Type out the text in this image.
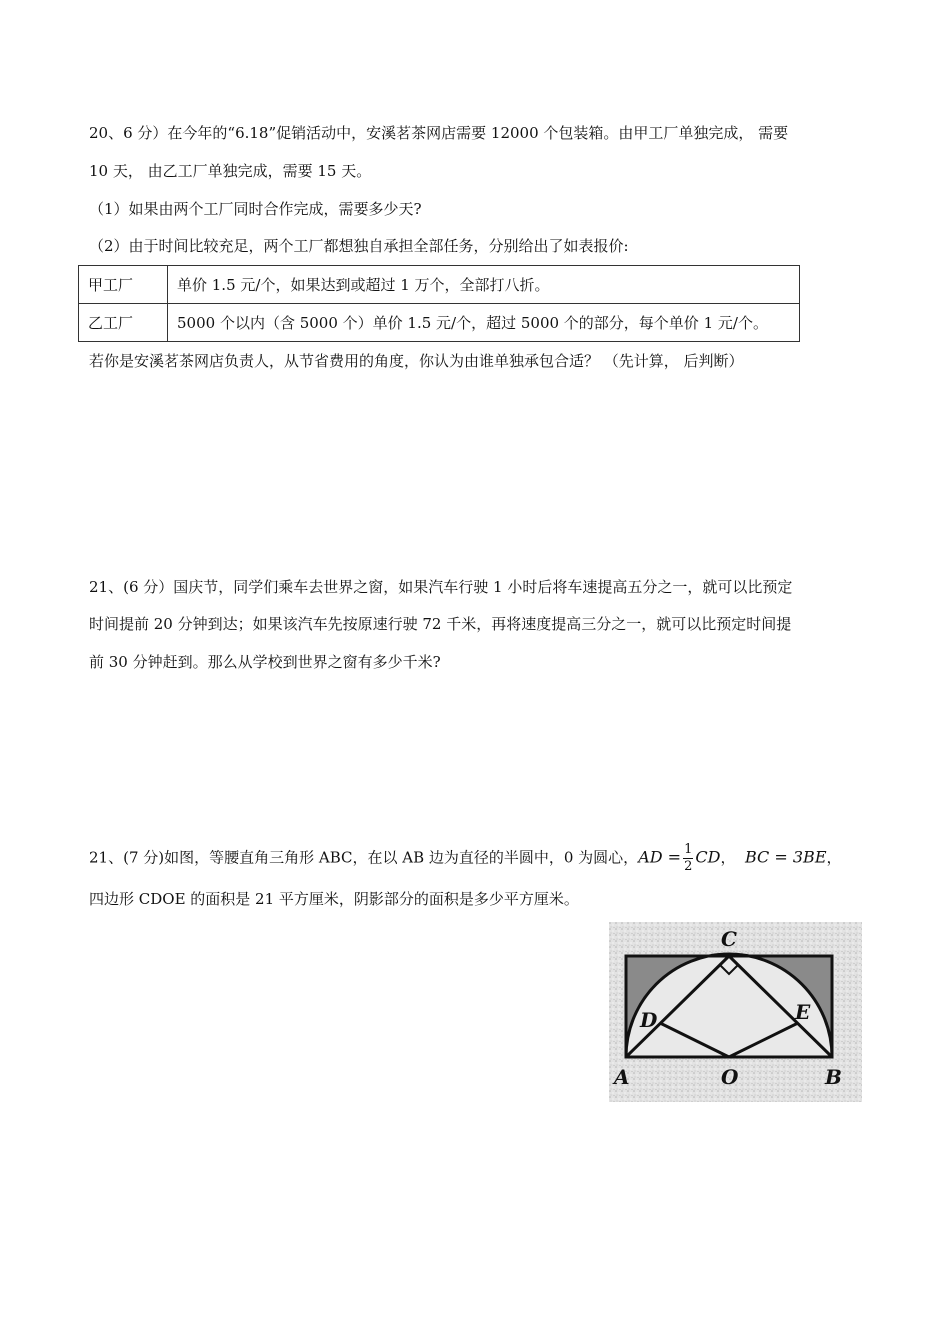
20、6 分）在今年的“6.18”促销活动中，安溪茗茶网店需要 12000 个包装箱。由甲工厂单独完成， 需要
10 天， 由乙工厂单独完成，需要 15 天。
（1）如果由两个工厂同时合作完成，需要多少天?
（2）由于时间比较充足，两个工厂都想独自承担全部任务，分别给出了如表报价:
甲工厂	单价 1.5 元/个，如果达到或超过 1 万个，全部打八折。
乙工厂	5000 个以内（含 5000 个）单价 1.5 元/个，超过 5000 个的部分，每个单价 1 元/个。
若你是安溪茗茶网店负责人，从节省费用的角度，你认为由谁单独承包合适？ （先计算， 后判断）
21、(6 分）国庆节，同学们乘车去世界之窗，如果汽车行驶 1 小时后将车速提高五分之一，就可以比预定
时间提前 20 分钟到达；如果该汽车先按原速行驶 72 千米，再将速度提高三分之一，就可以比预定时间提
前 30 分钟赶到。那么从学校到世界之窗有多少千米?
21、(7 分)如图，等腰直角三角形 ABC，在以 AB 边为直径的半圆中，0 为圆心，AD = $\frac{1}{2}$ CD， BC = 3BE，
四边形 CDOE 的面积是 21 平方厘米，阴影部分的面积是多少平方厘米。
C
D	E
A	O	B
